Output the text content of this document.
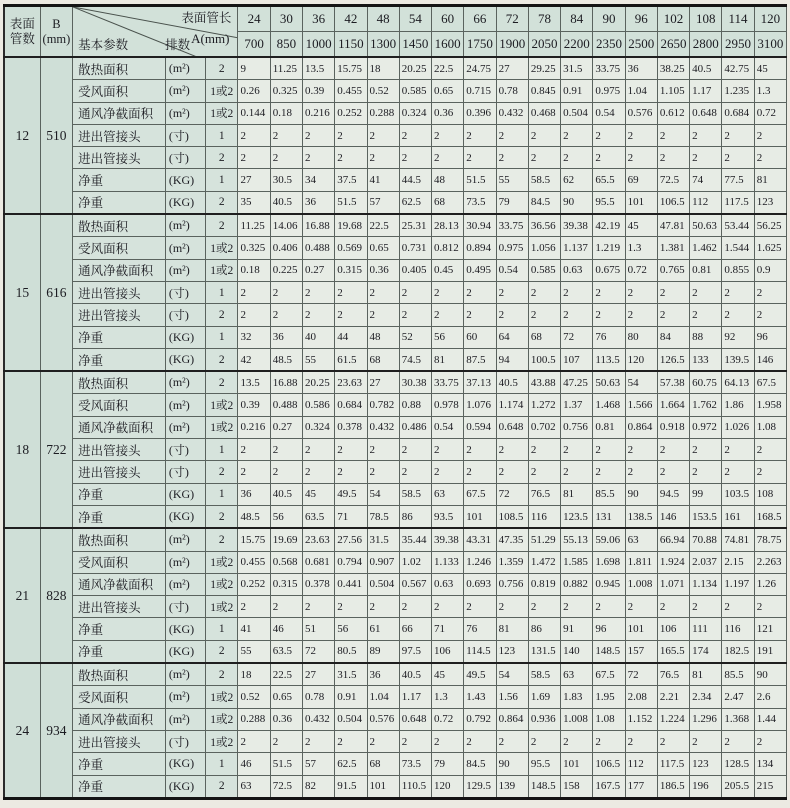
表面管数	B
(mm)	表面管长
A(mm)
基本参数 排数			24	30	36	42	48	54	60	66	72	78	84	90	96	102	108	114	120
					700	850	1000	1150	1300	1450	1600	1750	1900	2050	2200	2350	2500	2650	2800	2950	3100
12	510	散热面积	(m²)	2	9	11.25	13.5	15.75	18	20.25	22.5	24.75	27	29.25	31.5	33.75	36	38.25	40.5	42.75	45
		受风面积	(m²)	1或2	0.26	0.325	0.39	0.455	0.52	0.585	0.65	0.715	0.78	0.845	0.91	0.975	1.04	1.105	1.17	1.235	1.3
		通风净截面积	(m²)	1或2	0.144	0.18	0.216	0.252	0.288	0.324	0.36	0.396	0.432	0.468	0.504	0.54	0.576	0.612	0.648	0.684	0.72
		进出管接头	(寸)	1	2	2	2	2	2	2	2	2	2	2	2	2	2	2	2	2	2
		进出管接头	(寸)	2	2	2	2	2	2	2	2	2	2	2	2	2	2	2	2	2	2
		净重	(KG)	1	27	30.5	34	37.5	41	44.5	48	51.5	55	58.5	62	65.5	69	72.5	74	77.5	81
		净重	(KG)	2	35	40.5	36	51.5	57	62.5	68	73.5	79	84.5	90	95.5	101	106.5	112	117.5	123
15	616	散热面积	(m²)	2	11.25	14.06	16.88	19.68	22.5	25.31	28.13	30.94	33.75	36.56	39.38	42.19	45	47.81	50.63	53.44	56.25
		受风面积	(m²)	1或2	0.325	0.406	0.488	0.569	0.65	0.731	0.812	0.894	0.975	1.056	1.137	1.219	1.3	1.381	1.462	1.544	1.625
		通风净截面积	(m²)	1或2	0.18	0.225	0.27	0.315	0.36	0.405	0.45	0.495	0.54	0.585	0.63	0.675	0.72	0.765	0.81	0.855	0.9
		进出管接头	(寸)	1	2	2	2	2	2	2	2	2	2	2	2	2	2	2	2	2	2
		进出管接头	(寸)	2	2	2	2	2	2	2	2	2	2	2	2	2	2	2	2	2	2
		净重	(KG)	1	32	36	40	44	48	52	56	60	64	68	72	76	80	84	88	92	96
		净重	(KG)	2	42	48.5	55	61.5	68	74.5	81	87.5	94	100.5	107	113.5	120	126.5	133	139.5	146
18	722	散热面积	(m²)	2	13.5	16.88	20.25	23.63	27	30.38	33.75	37.13	40.5	43.88	47.25	50.63	54	57.38	60.75	64.13	67.5
		受风面积	(m²)	1或2	0.39	0.488	0.586	0.684	0.782	0.88	0.978	1.076	1.174	1.272	1.37	1.468	1.566	1.664	1.762	1.86	1.958
		通风净截面积	(m²)	1或2	0.216	0.27	0.324	0.378	0.432	0.486	0.54	0.594	0.648	0.702	0.756	0.81	0.864	0.918	0.972	1.026	1.08
		进出管接头	(寸)	1	2	2	2	2	2	2	2	2	2	2	2	2	2	2	2	2	2
		进出管接头	(寸)	2	2	2	2	2	2	2	2	2	2	2	2	2	2	2	2	2	2
		净重	(KG)	1	36	40.5	45	49.5	54	58.5	63	67.5	72	76.5	81	85.5	90	94.5	99	103.5	108
		净重	(KG)	2	48.5	56	63.5	71	78.5	86	93.5	101	108.5	116	123.5	131	138.5	146	153.5	161	168.5
21	828	散热面积	(m²)	2	15.75	19.69	23.63	27.56	31.5	35.44	39.38	43.31	47.35	51.29	55.13	59.06	63	66.94	70.88	74.81	78.75
		受风面积	(m²)	1或2	0.455	0.568	0.681	0.794	0.907	1.02	1.133	1.246	1.359	1.472	1.585	1.698	1.811	1.924	2.037	2.15	2.263
		通风净截面积	(m²)	1或2	0.252	0.315	0.378	0.441	0.504	0.567	0.63	0.693	0.756	0.819	0.882	0.945	1.008	1.071	1.134	1.197	1.26
		进出管接头	(寸)	1或2	2	2	2	2	2	2	2	2	2	2	2	2	2	2	2	2	2
		净重	(KG)	1	41	46	51	56	61	66	71	76	81	86	91	96	101	106	111	116	121
		净重	(KG)	2	55	63.5	72	80.5	89	97.5	106	114.5	123	131.5	140	148.5	157	165.5	174	182.5	191
24	934	散热面积	(m²)	2	18	22.5	27	31.5	36	40.5	45	49.5	54	58.5	63	67.5	72	76.5	81	85.5	90
		受风面积	(m²)	1或2	0.52	0.65	0.78	0.91	1.04	1.17	1.3	1.43	1.56	1.69	1.83	1.95	2.08	2.21	2.34	2.47	2.6
		通风净截面积	(m²)	1或2	0.288	0.36	0.432	0.504	0.576	0.648	0.72	0.792	0.864	0.936	1.008	1.08	1.152	1.224	1.296	1.368	1.44
		进出管接头	(寸)	1或2	2	2	2	2	2	2	2	2	2	2	2	2	2	2	2	2	2
		净重	(KG)	1	46	51.5	57	62.5	68	73.5	79	84.5	90	95.5	101	106.5	112	117.5	123	128.5	134
		净重	(KG)	2	63	72.5	82	91.5	101	110.5	120	129.5	139	148.5	158	167.5	177	186.5	196	205.5	215
